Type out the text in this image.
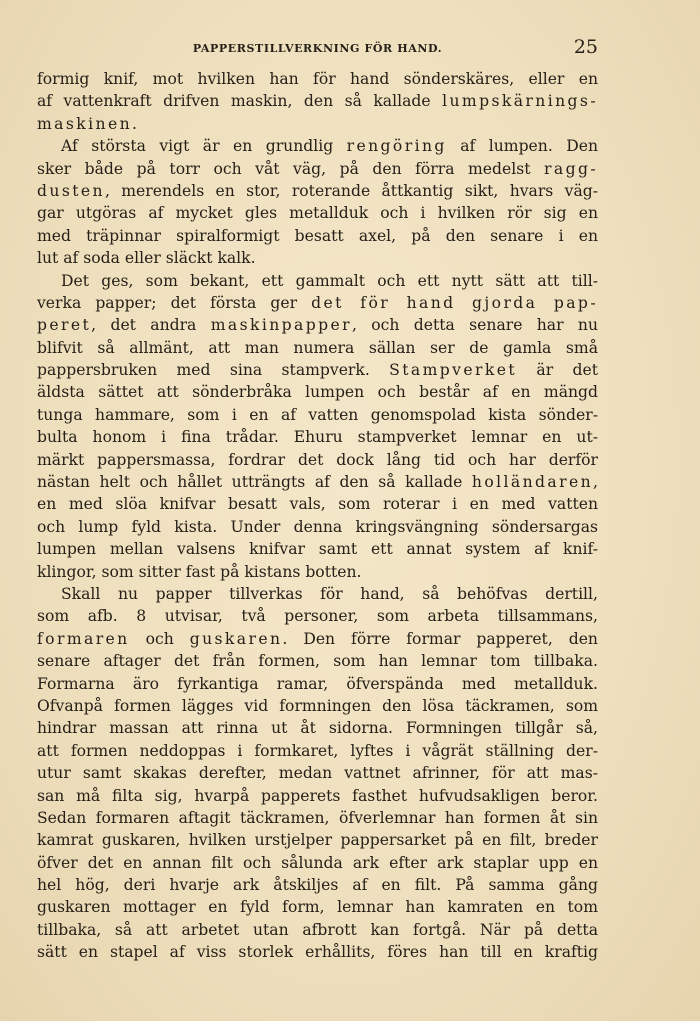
PAPPERSTILLVERKNING FÖR HAND.	25
formig knif, mot hvilken han för hand sönderskäres, eller en
af vattenkraft drifven maskin, den så kallade lumpskärnings-
maskinen.
Af största vigt är en grundlig rengöring af lumpen. Den
sker både på torr och våt väg, på den förra medelst ragg-
dusten, merendels en stor, roterande åttkantig sikt, hvars väg-
gar utgöras af mycket gles metallduk och i hvilken rör sig en
med träpinnar spiralformigt besatt axel, på den senare i en
lut af soda eller släckt kalk.
Det ges, som bekant, ett gammalt och ett nytt sätt att till-
verka papper; det första ger det för hand gjorda pap-
peret, det andra maskinpapper, och detta senare har nu
blifvit så allmänt, att man numera sällan ser de gamla små
pappersbruken med sina stampverk. Stampverket är det
äldsta sättet att sönderbråka lumpen och består af en mängd
tunga hammare, som i en af vatten genomspolad kista sönder-
bulta honom i fina trådar. Ehuru stampverket lemnar en ut-
märkt pappersmassa, fordrar det dock lång tid och har derför
nästan helt och hållet utträngts af den så kallade holländaren,
en med slöa knifvar besatt vals, som roterar i en med vatten
och lump fyld kista. Under denna kringsvängning söndersargas
lumpen mellan valsens knifvar samt ett annat system af knif-
klingor, som sitter fast på kistans botten.
Skall nu papper tillverkas för hand, så behöfvas dertill,
som afb. 8 utvisar, två personer, som arbeta tillsammans,
formaren och guskaren. Den förre formar papperet, den
senare aftager det från formen, som han lemnar tom tillbaka.
Formarna äro fyrkantiga ramar, öfverspända med metallduk.
Ofvanpå formen lägges vid formningen den lösa täckramen, som
hindrar massan att rinna ut åt sidorna. Formningen tillgår så,
att formen neddoppas i formkaret, lyftes i vågrät ställning der-
utur samt skakas derefter, medan vattnet afrinner, för att mas-
san må filta sig, hvarpå papperets fasthet hufvudsakligen beror.
Sedan formaren aftagit täckramen, öfverlemnar han formen åt sin
kamrat guskaren, hvilken urstjelper pappersarket på en filt, breder
öfver det en annan filt och sålunda ark efter ark staplar upp en
hel hög, deri hvarje ark åtskiljes af en filt. På samma gång
guskaren mottager en fyld form, lemnar han kamraten en tom
tillbaka, så att arbetet utan afbrott kan fortgå. När på detta
sätt en stapel af viss storlek erhållits, föres han till en kraftig
